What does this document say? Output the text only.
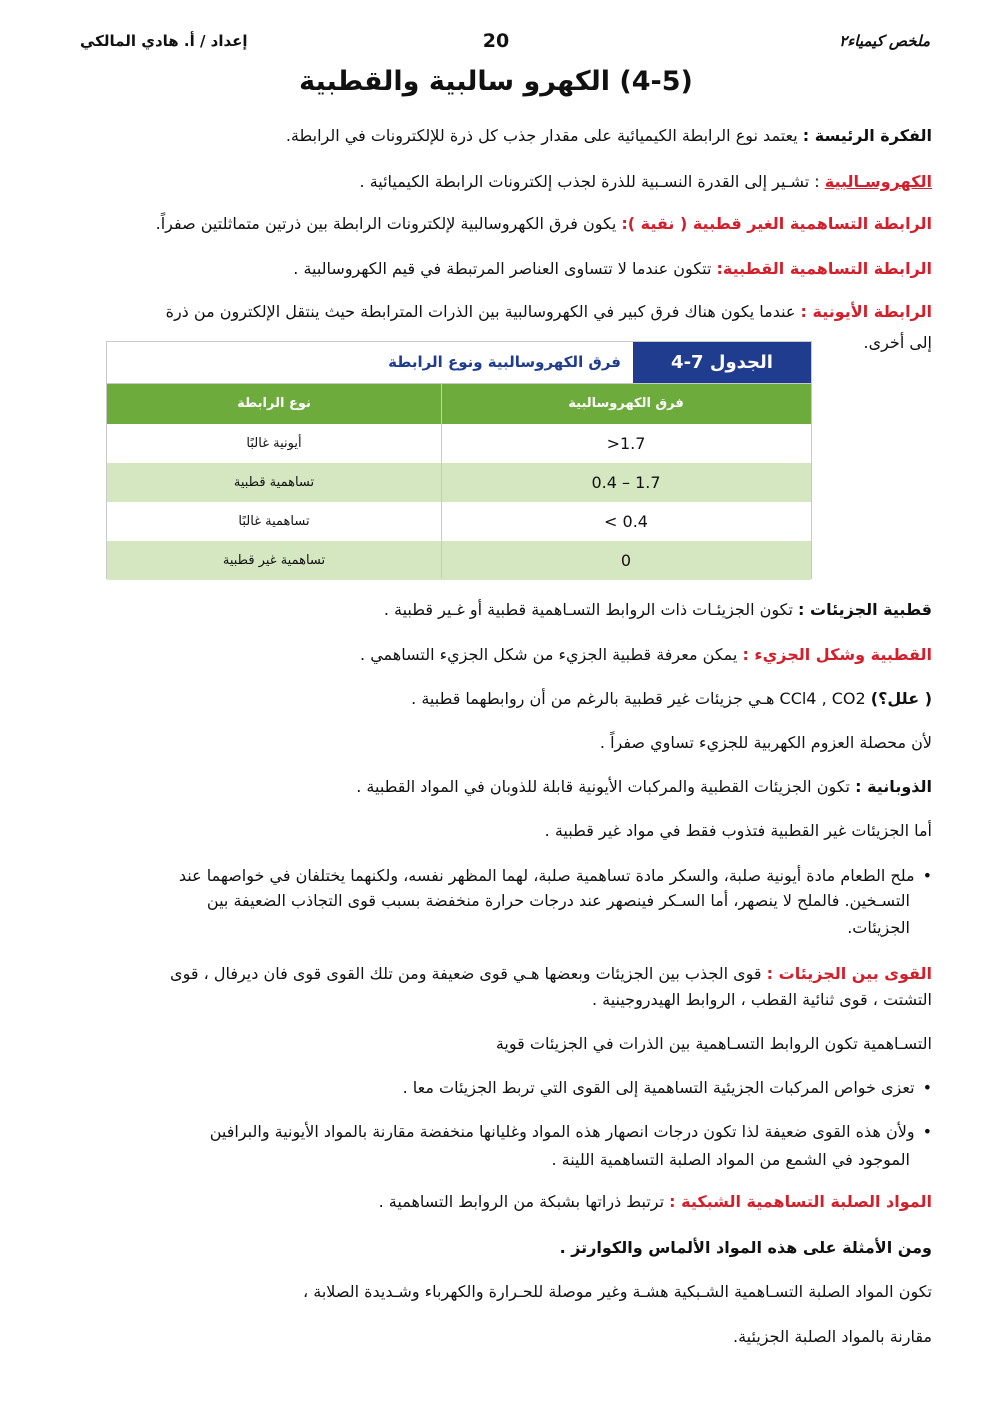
ملخص كيمياء٢
20
إعداد / أ. هادي المالكي
(4-5) الكهرو سالبية والقطبية
الفكرة الرئيسة : يعتمد نوع الرابطة الكيميائية على مقدار جذب كل ذرة للإلكترونات في الرابطة.
الكهروسـالبية : تشـير إلى القدرة النسـبية للذرة لجذب إلكترونات الرابطة الكيميائية .
الرابطة التساهمية الغير قطبية ( نقية ): يكون فرق الكهروسالبية لإلكترونات الرابطة بين ذرتين متماثلتين صفراً.
الرابطة التساهمية القطبية: تتكون عندما لا تتساوى العناصر المرتبطة في قيم الكهروسالبية .
الرابطة الأيونية : عندما يكون هناك فرق كبير في الكهروسالبية بين الذرات المترابطة حيث ينتقل الإلكترون من ذرة
إلى أخرى.
الجدول 7-4
فرق الكهروسالبية ونوع الرابطة
فرق الكهروسالبية
نوع الرابطة
>1.7
أيونية غالبًا
0.4 – 1.7
تساهمية قطبية
< 0.4
تساهمية غالبًا
0
تساهمية غير قطبية
قطبية الجزيئات : تكون الجزيئـات ذات الروابط التسـاهمية قطبية أو غـير قطبية .
القطبية وشكل الجزيء : يمكن معرفة قطبية الجزيء من شكل الجزيء التساهمي .
( علل؟) CCl4 , CO2 هـي جزيئات غير قطبية بالرغم من أن روابطهما قطبية .
لأن محصلة العزوم الكهربية للجزيء تساوي صفراً .
الذوبانية : تكون الجزيئات القطبية والمركبات الأيونية قابلة للذوبان في المواد القطبية .
أما الجزيئات غير القطبية فتذوب فقط في مواد غير قطبية .
• ملح الطعام مادة أيونية صلبة، والسكر مادة تساهمية صلبة، لهما المظهر نفسه، ولكنهما يختلفان في خواصهما عند
التسـخين. فالملح لا ينصهر، أما السـكر فينصهر عند درجات حرارة منخفضة بسبب قوى التجاذب الضعيفة بين
الجزيئات.
القوى بين الجزيئات : قوى الجذب بين الجزيئات وبعضها هـي قوى ضعيفة ومن تلك القوى قوى فان ديرفال ، قوى
التشتت ، قوى ثنائية القطب ، الروابط الهيدروجينية .
التسـاهمية تكون الروابط التسـاهمية بين الذرات في الجزيئات قوية
• تعزى خواص المركبات الجزيئية التساهمية إلى القوى التي تربط الجزيئات معا .
• ولأن هذه القوى ضعيفة لذا تكون درجات انصهار هذه المواد وغليانها منخفضة مقارنة بالمواد الأيونية والبرافين
الموجود في الشمع من المواد الصلبة التساهمية اللينة .
المواد الصلبة التساهمية الشبكية : ترتبط ذراتها بشبكة من الروابط التساهمية .
ومن الأمثلة على هذه المواد الألماس والكوارتز .
تكون المواد الصلبة التسـاهمية الشـبكية هشـة وغير موصلة للحـرارة والكهرباء وشـديدة الصلابة ،
مقارنة بالمواد الصلبة الجزيئية.
